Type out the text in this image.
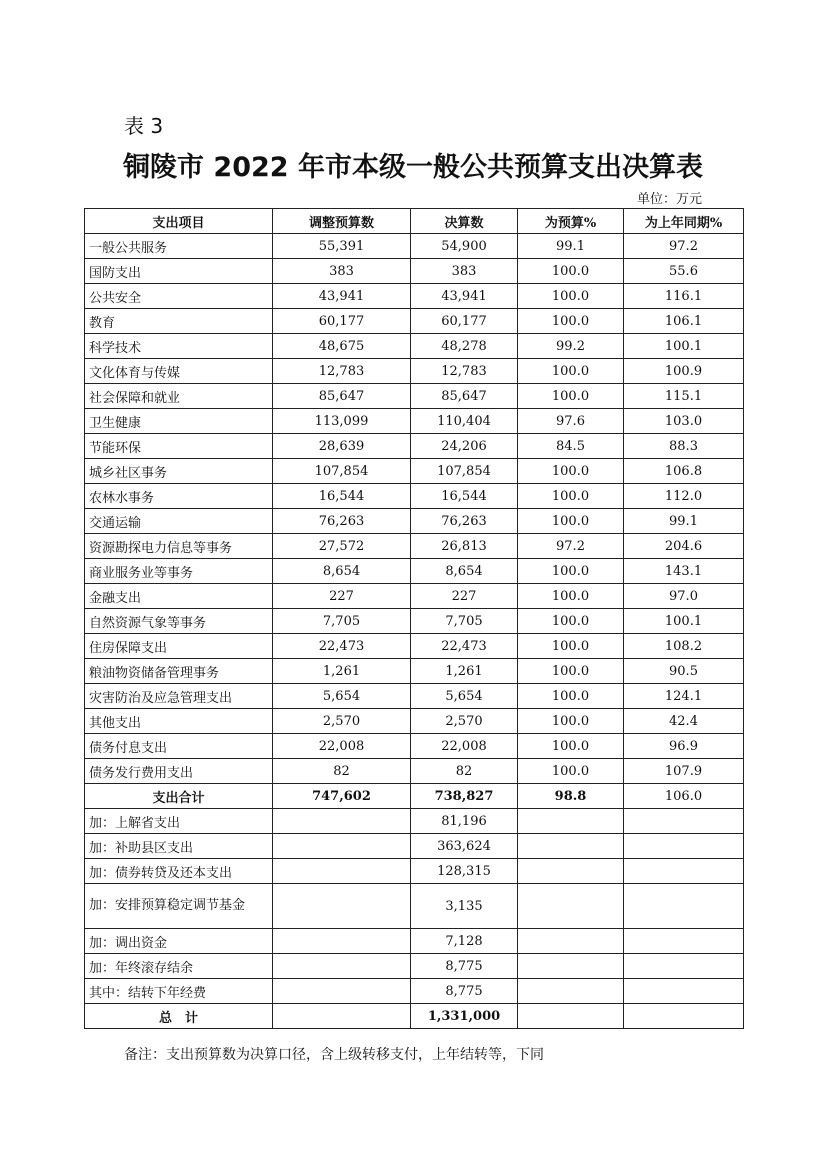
表 3
铜陵市 2022 年市本级一般公共预算支出决算表
单位：万元
支出项目	调整预算数	决算数	为预算%	为上年同期%
一般公共服务	55,391	54,900	99.1	97.2
国防支出	383	383	100.0	55.6
公共安全	43,941	43,941	100.0	116.1
教育	60,177	60,177	100.0	106.1
科学技术	48,675	48,278	99.2	100.1
文化体育与传媒	12,783	12,783	100.0	100.9
社会保障和就业	85,647	85,647	100.0	115.1
卫生健康	113,099	110,404	97.6	103.0
节能环保	28,639	24,206	84.5	88.3
城乡社区事务	107,854	107,854	100.0	106.8
农林水事务	16,544	16,544	100.0	112.0
交通运输	76,263	76,263	100.0	99.1
资源勘探电力信息等事务	27,572	26,813	97.2	204.6
商业服务业等事务	8,654	8,654	100.0	143.1
金融支出	227	227	100.0	97.0
自然资源气象等事务	7,705	7,705	100.0	100.1
住房保障支出	22,473	22,473	100.0	108.2
粮油物资储备管理事务	1,261	1,261	100.0	90.5
灾害防治及应急管理支出	5,654	5,654	100.0	124.1
其他支出	2,570	2,570	100.0	42.4
债务付息支出	22,008	22,008	100.0	96.9
债务发行费用支出	82	82	100.0	107.9
支出合计	747,602	738,827	98.8	106.0
加：上解省支出		81,196		
加：补助县区支出		363,624		
加：债券转贷及还本支出		128,315		
加：安排预算稳定调节基金		3,135		
加：调出资金		7,128		
加：年终滚存结余		8,775		
其中：结转下年经费		8,775		
总　计		1,331,000		
备注：支出预算数为决算口径，含上级转移支付，上年结转等，下同
